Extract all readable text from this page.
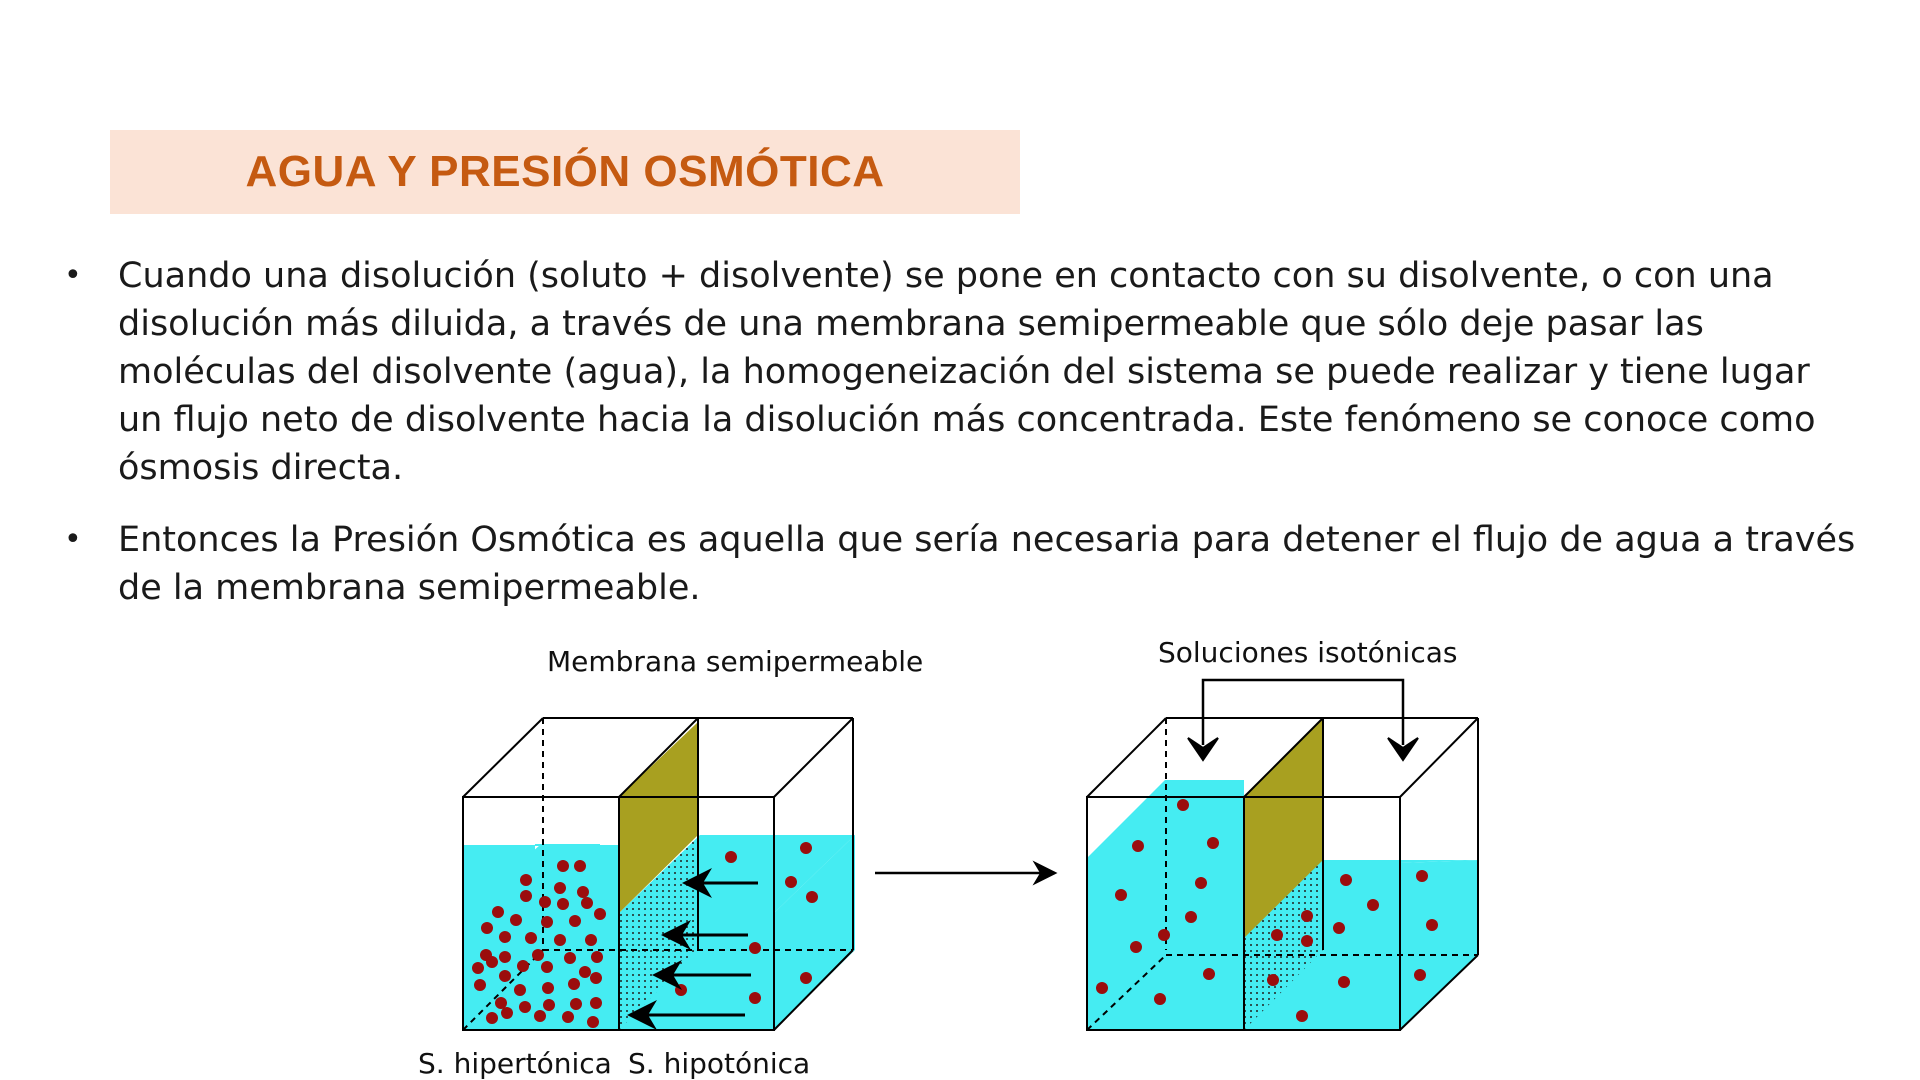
AGUA Y PRESIÓN OSMÓTICA
• Cuando una disolución (soluto + disolvente) se pone en contacto con su disolvente, o con una disolución más diluida, a través de una membrana semipermeable que sólo deje pasar las moléculas del disolvente (agua), la homogeneización del sistema se puede realizar y tiene lugar un flujo neto de disolvente hacia la disolución más concentrada. Este fenómeno se conoce como ósmosis directa.
• Entonces la Presión Osmótica es aquella que sería necesaria para detener el flujo de agua a través de la membrana semipermeable.
Membrana semipermeable	Soluciones isotónicas
S. hipertónica S. hipotónica
